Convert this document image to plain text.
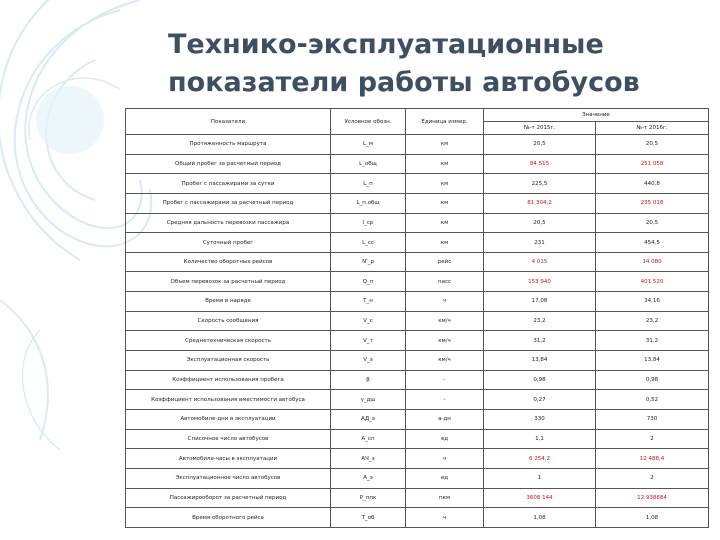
Технико-эксплуатационные показатели работы автобусов
Показатели	Условное обозн.	Единица измер.	Значение	
			№-т 2015г.	№-т 2016г.
Протяженность маршрута	L_м	км	20,5	20,5
Общий пробег за расчетный период	L_общ	км	84 515	251 058
Пробег с пассажирами за сутки	L_п	км	225,5	440,8
Пробег с пассажирами за расчетный период	L_п.общ	км	81 304,2	235 018
Средняя дальность перевозки пассажира	l_ср	км	20,5	20,5
Суточный пробег	L_сс	км	231	454,5
Количество оборотных рейсов	N'_р	рейс	4 015	14 080
Объем перевозок за расчетный период	Q_п	пасс	153 940	401 520
Время в наряде	Т_н	ч	17,08	34,16
Скорость сообщения	V_с	км/ч	23,2	23,2
Среднетехническая скорость	V_т	км/ч	31,2	31,2
Эксплуатационная скорость	V_э	км/ч	13,84	13,84
Коэффициент использования пробега	β	-	0,98	0,98
Коэффициент использования вместимости автобуса	γ_дш	-	0,27	0,52
Автомобиле-дни в эксплуатации	АД_э	а-дн	330	730
Списочное число автобусов	А_сп	ед	1,1	2
Автомобиле-часы в эксплуатации	АЧ_э	ч	6 254,2	12 488,4
Эксплуатационное число автобусов	А_э	ед	1	2
Пассажирооборот за расчетный период	Р_ппк	пкм	3608 144	12 938684
Время оборотного рейса	Т_об	ч	1,08	1,08
